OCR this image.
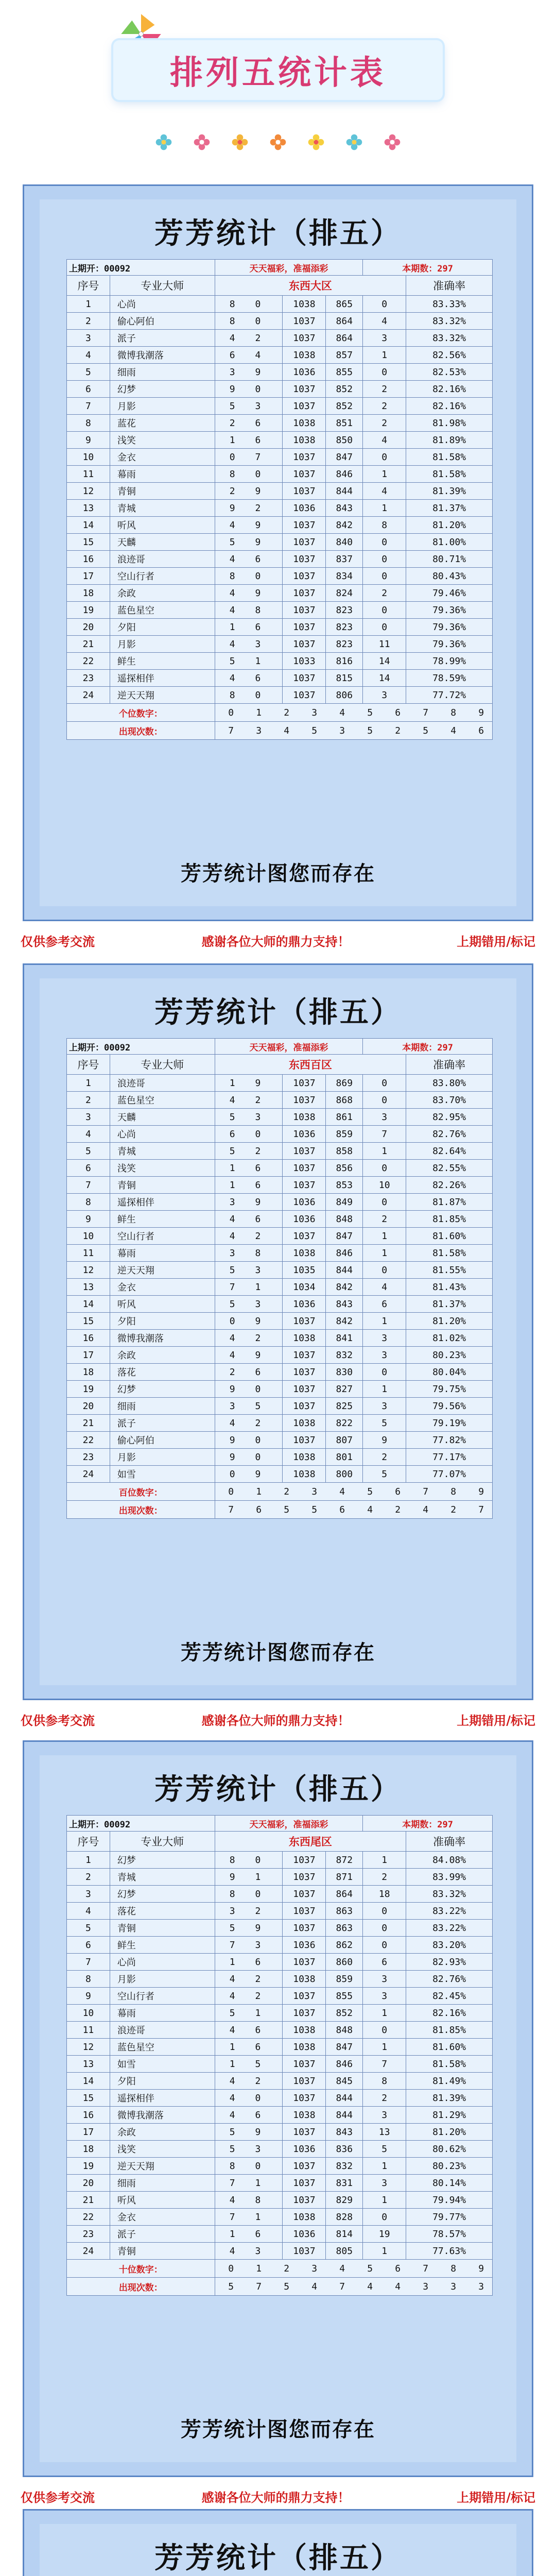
排列五统计表
芳芳统计（排五）
上期开：00092		天天福彩，准福添彩			本期数：297	
序号	专业大师	东西大区				准确率
1	心尚	8 0	1038	865	0	83.33%
2	偷心阿伯	8 0	1037	864	4	83.32%
3	派子	4 2	1037	864	3	83.32%
4	微博我潮落	6 4	1038	857	1	82.56%
5	细雨	3 9	1036	855	0	82.53%
6	幻梦	9 0	1037	852	2	82.16%
7	月影	5 3	1037	852	2	82.16%
8	蓝花	2 6	1038	851	2	81.98%
9	浅笑	1 6	1038	850	4	81.89%
10	金衣	0 7	1037	847	0	81.58%
11	幕雨	8 0	1037	846	1	81.58%
12	青铜	2 9	1037	844	4	81.39%
13	青城	9 2	1036	843	1	81.37%
14	听风	4 9	1037	842	8	81.20%
15	天麟	5 9	1037	840	0	81.00%
16	浪迹哥	4 6	1037	837	0	80.71%
17	空山行者	8 0	1037	834	0	80.43%
18	余政	4 9	1037	824	2	79.46%
19	蓝色星空	4 8	1037	823	0	79.36%
20	夕阳	1 6	1037	823	0	79.36%
21	月影	4 3	1037	823	11	79.36%
22	鲜生	5 1	1033	816	14	78.99%
23	遥探相伴	4 6	1037	815	14	78.59%
24	逆天天翔	8 0	1037	806	3	77.72%
个位数字：		0 1 2 3 4 5 6 7 8 9				
出现次数：		7 3 4 5 3 5 2 5 4 6				
芳芳统计图您而存在
仅供参考交流	感谢各位大师的鼎力支持！	上期错用/标记
芳芳统计（排五）
上期开：00092		天天福彩，准福添彩			本期数：297	
序号	专业大师	东西百区				准确率
1	浪迹哥	1 9	1037	869	0	83.80%
2	蓝色星空	4 2	1037	868	0	83.70%
3	天麟	5 3	1038	861	3	82.95%
4	心尚	6 0	1036	859	7	82.76%
5	青城	5 2	1037	858	1	82.64%
6	浅笑	1 6	1037	856	0	82.55%
7	青铜	1 6	1037	853	10	82.26%
8	遥探相伴	3 9	1036	849	0	81.87%
9	鲜生	4 6	1036	848	2	81.85%
10	空山行者	4 2	1037	847	1	81.60%
11	幕雨	3 8	1038	846	1	81.58%
12	逆天天翔	5 3	1035	844	0	81.55%
13	金衣	7 1	1034	842	4	81.43%
14	听风	5 3	1036	843	6	81.37%
15	夕阳	0 9	1037	842	1	81.20%
16	微博我潮落	4 2	1038	841	3	81.02%
17	余政	4 9	1037	832	3	80.23%
18	落花	2 6	1037	830	0	80.04%
19	幻梦	9 0	1037	827	1	79.75%
20	细雨	3 5	1037	825	3	79.56%
21	派子	4 2	1038	822	5	79.19%
22	偷心阿伯	9 0	1037	807	9	77.82%
23	月影	9 0	1038	801	2	77.17%
24	如雪	0 9	1038	800	5	77.07%
百位数字：		0 1 2 3 4 5 6 7 8 9				
出现次数：		7 6 5 5 6 4 2 4 2 7				
芳芳统计图您而存在
仅供参考交流	感谢各位大师的鼎力支持！	上期错用/标记
芳芳统计（排五）
上期开：00092		天天福彩，准福添彩			本期数：297	
序号	专业大师	东西尾区				准确率
1	幻梦	8 0	1037	872	1	84.08%
2	青城	9 1	1037	871	2	83.99%
3	幻梦	8 0	1037	864	18	83.32%
4	落花	3 2	1037	863	0	83.22%
5	青铜	5 9	1037	863	0	83.22%
6	鲜生	7 3	1036	862	0	83.20%
7	心尚	1 6	1037	860	6	82.93%
8	月影	4 2	1038	859	3	82.76%
9	空山行者	4 2	1037	855	3	82.45%
10	幕雨	5 1	1037	852	1	82.16%
11	浪迹哥	4 6	1038	848	0	81.85%
12	蓝色星空	1 6	1038	847	1	81.60%
13	如雪	1 5	1037	846	7	81.58%
14	夕阳	4 2	1037	845	8	81.49%
15	遥探相伴	4 0	1037	844	2	81.39%
16	微博我潮落	4 6	1038	844	3	81.29%
17	余政	5 9	1037	843	13	81.20%
18	浅笑	5 3	1036	836	5	80.62%
19	逆天天翔	8 0	1037	832	1	80.23%
20	细雨	7 1	1037	831	3	80.14%
21	听风	4 8	1037	829	1	79.94%
22	金衣	7 1	1038	828	0	79.77%
23	派子	1 6	1036	814	19	78.57%
24	青铜	4 3	1037	805	1	77.63%
十位数字：		0 1 2 3 4 5 6 7 8 9				
出现次数：		5 7 5 4 7 4 4 3 3 3				
芳芳统计图您而存在
仅供参考交流	感谢各位大师的鼎力支持！	上期错用/标记
芳芳统计（排五）
